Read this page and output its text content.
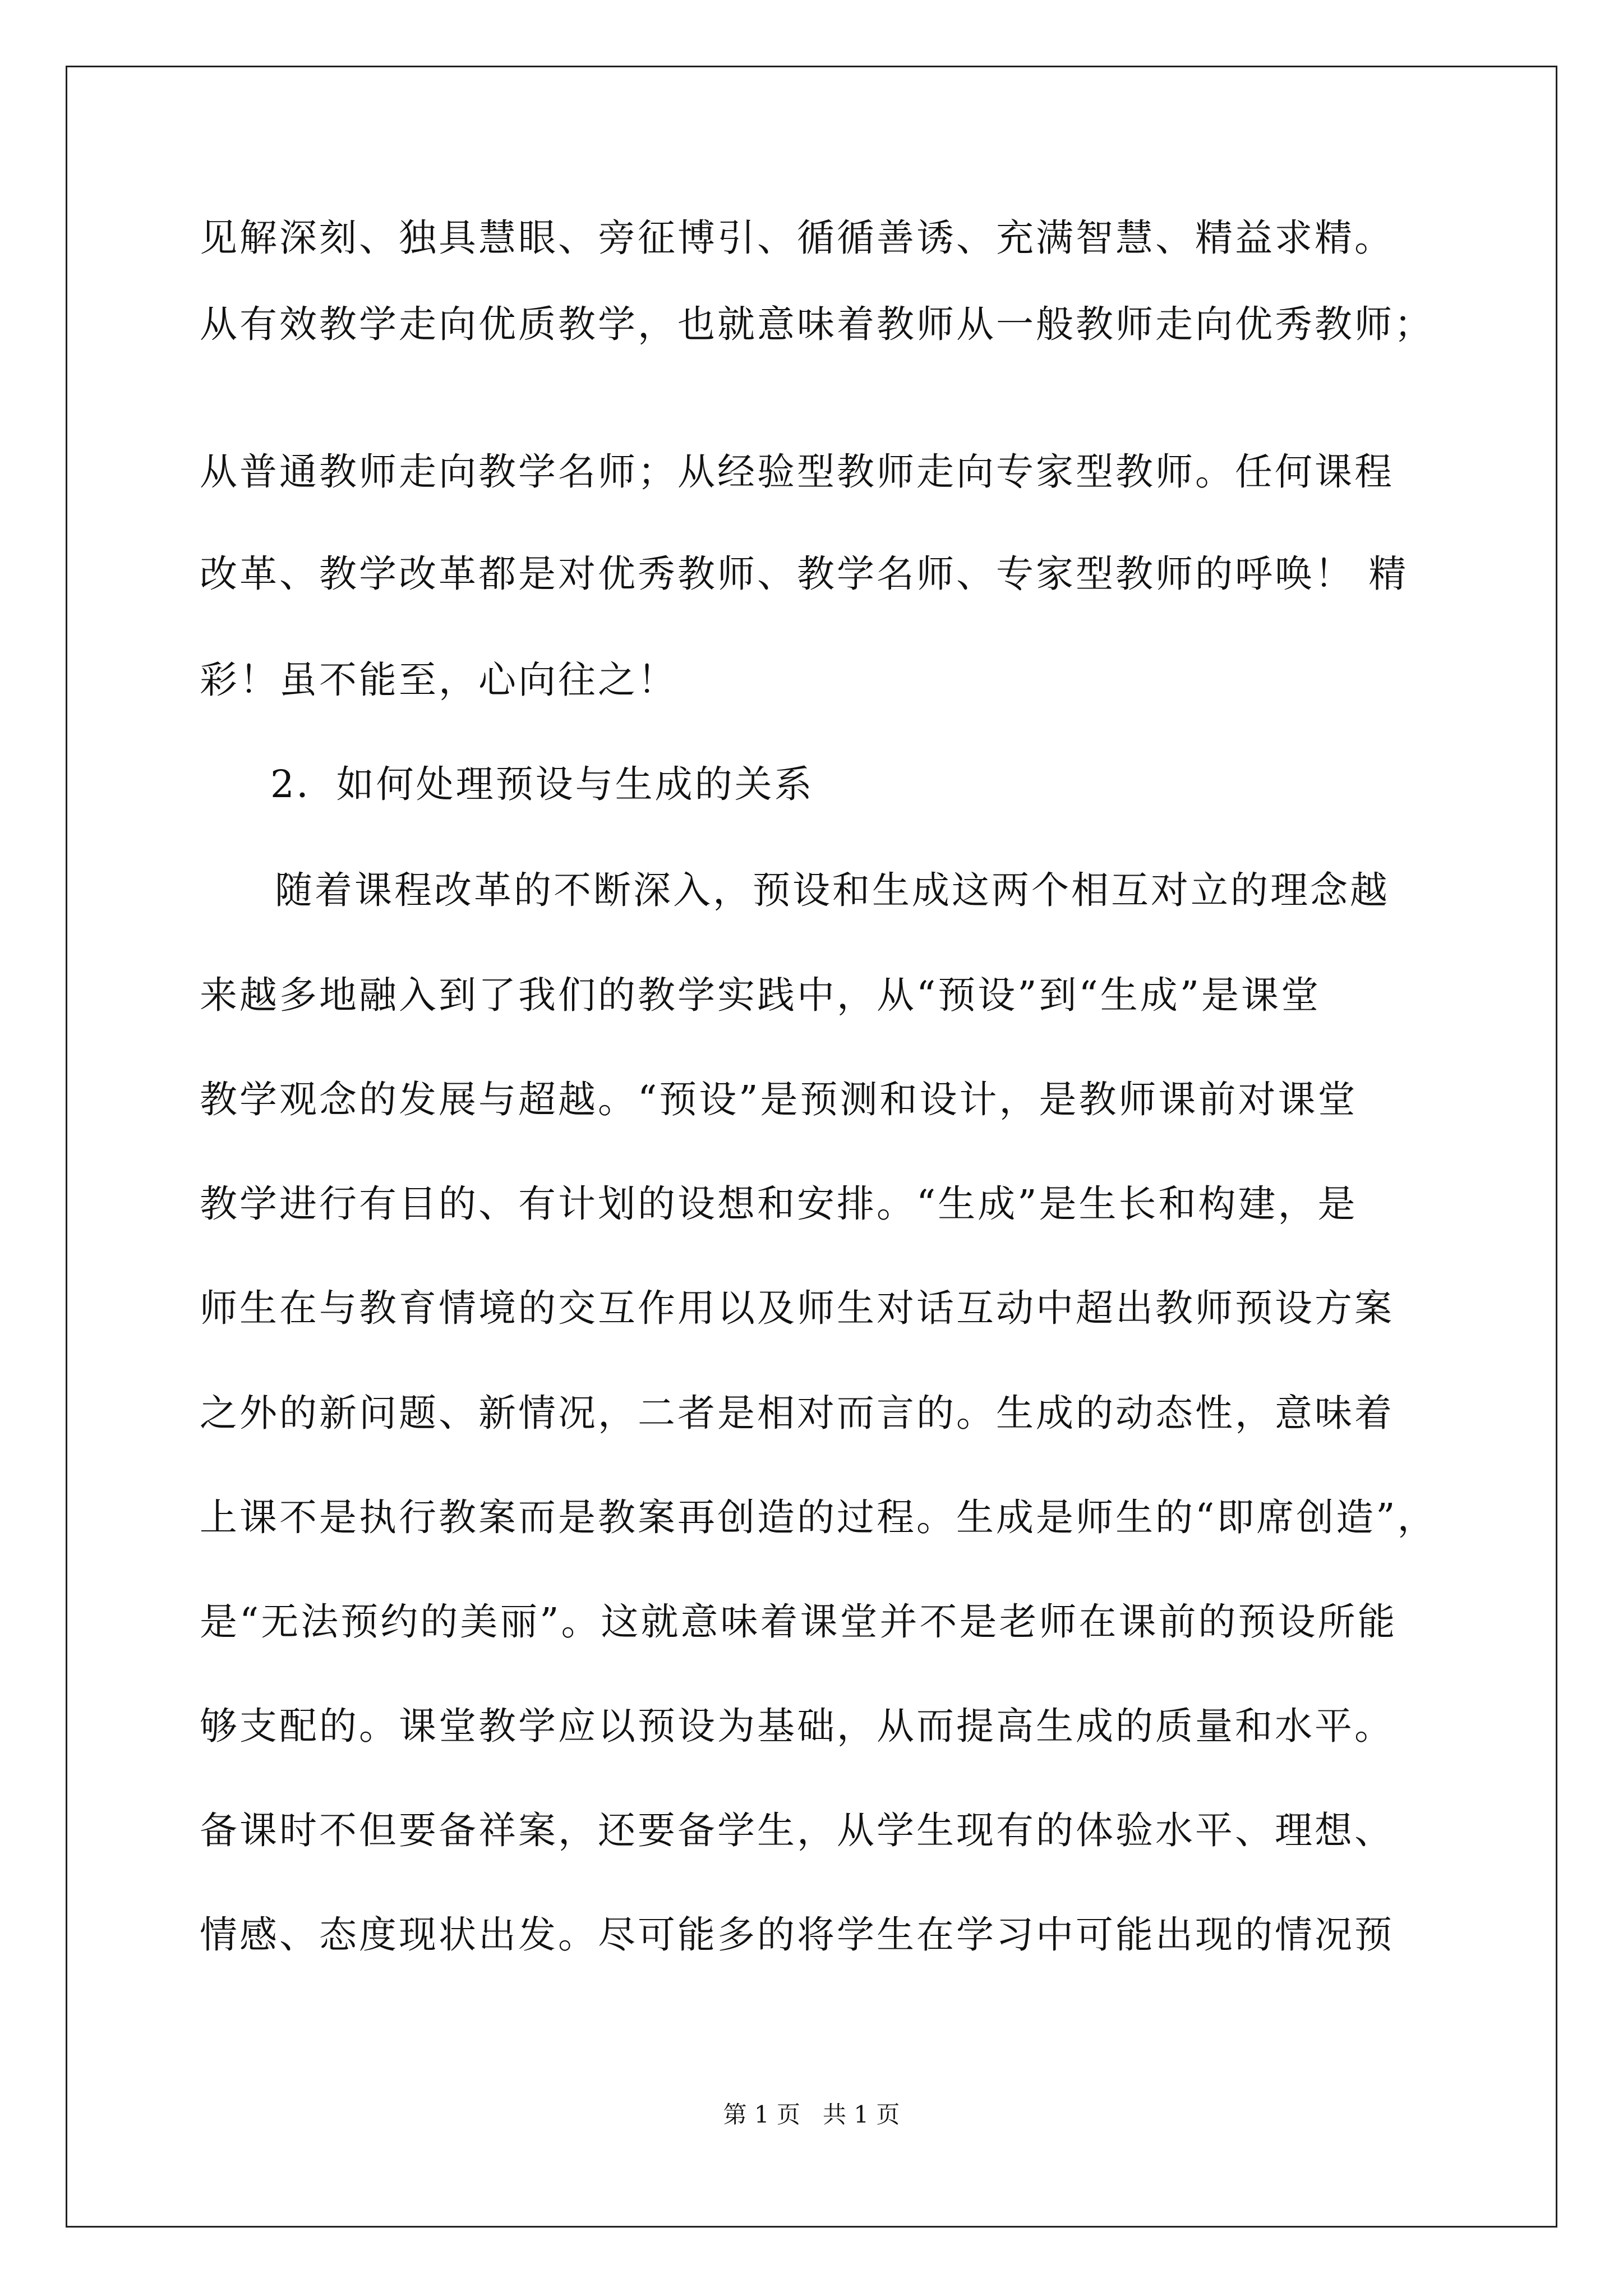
见解深刻、独具慧眼、旁征博引、循循善诱、充满智慧、精益求精。
从有效教学走向优质教学，也就意味着教师从一般教师走向优秀教师；
从普通教师走向教学名师；从经验型教师走向专家型教师。任何课程
改革、教学改革都是对优秀教师、教学名师、专家型教师的呼唤！ 精
彩！虽不能至，心向往之！
2．如何处理预设与生成的关系
随着课程改革的不断深入，预设和生成这两个相互对立的理念越
来越多地融入到了我们的教学实践中，从“预设”到“生成”是课堂
教学观念的发展与超越。“预设”是预测和设计，是教师课前对课堂
教学进行有目的、有计划的设想和安排。“生成”是生长和构建，是
师生在与教育情境的交互作用以及师生对话互动中超出教师预设方案
之外的新问题、新情况，二者是相对而言的。生成的动态性，意味着
上课不是执行教案而是教案再创造的过程。生成是师生的“即席创造”，
是“无法预约的美丽”。这就意味着课堂并不是老师在课前的预设所能
够支配的。课堂教学应以预设为基础，从而提高生成的质量和水平。
备课时不但要备祥案，还要备学生，从学生现有的体验水平、理想、
情感、态度现状出发。尽可能多的将学生在学习中可能出现的情况预
第 1 页 共 1 页
